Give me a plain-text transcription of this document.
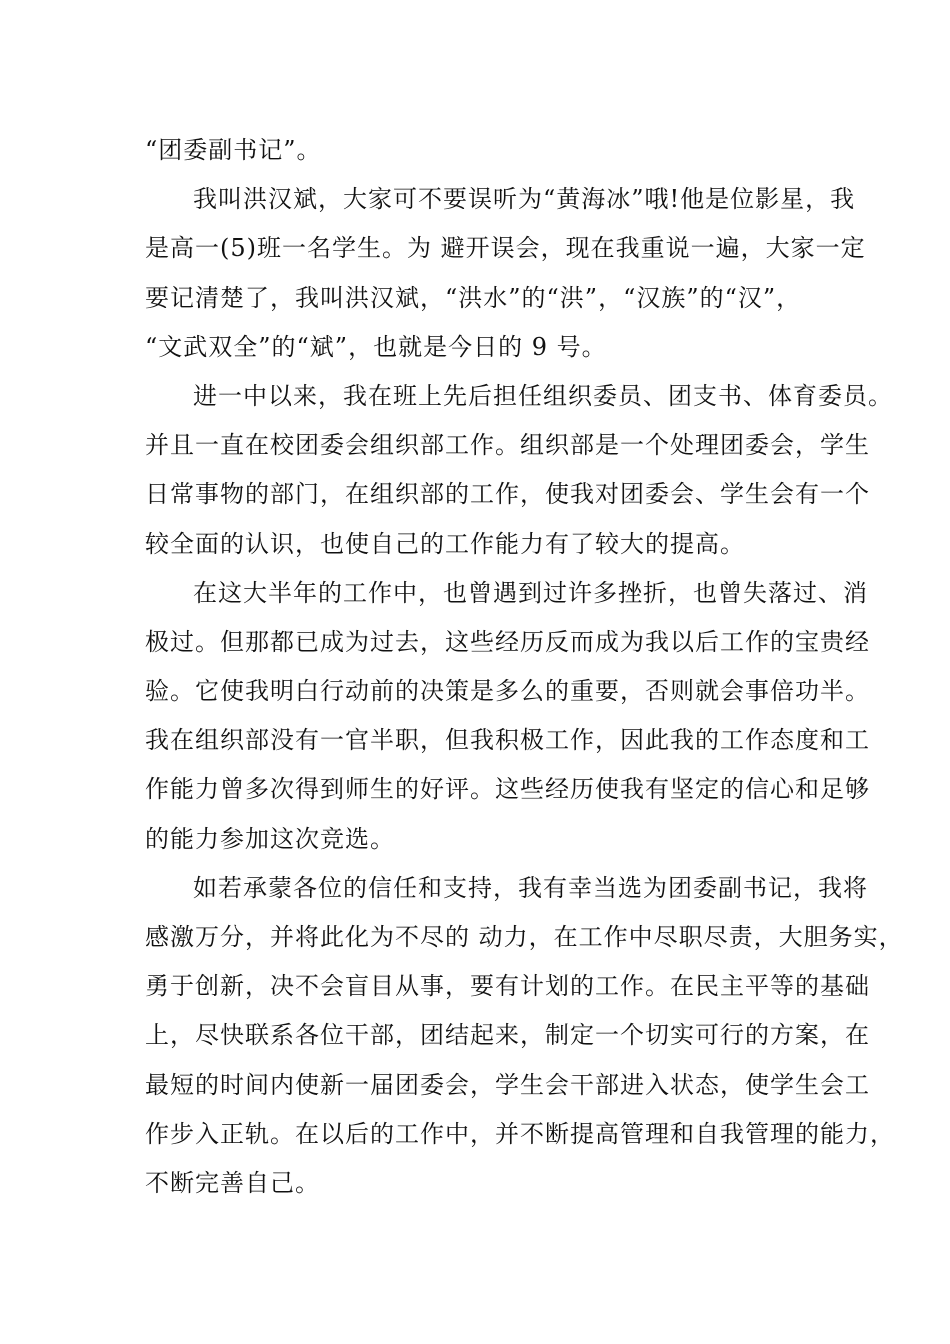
“团委副书记”。
我叫洪汉斌，大家可不要误听为“黄海冰”哦!他是位影星，我
是高一(5)班一名学生。为 避开误会，现在我重说一遍，大家一定
要记清楚了，我叫洪汉斌，“洪水”的“洪”，“汉族”的“汉”，
“文武双全”的“斌”，也就是今日的 9 号。
进一中以来，我在班上先后担任组织委员、团支书、体育委员。
并且一直在校团委会组织部工作。组织部是一个处理团委会，学生
日常事物的部门，在组织部的工作，使我对团委会、学生会有一个
较全面的认识，也使自己的工作能力有了较大的提高。
在这大半年的工作中，也曾遇到过许多挫折，也曾失落过、消
极过。但那都已成为过去，这些经历反而成为我以后工作的宝贵经
验。它使我明白行动前的决策是多么的重要，否则就会事倍功半。
我在组织部没有一官半职，但我积极工作，因此我的工作态度和工
作能力曾多次得到师生的好评。这些经历使我有坚定的信心和足够
的能力参加这次竞选。
如若承蒙各位的信任和支持，我有幸当选为团委副书记，我将
感激万分，并将此化为不尽的 动力，在工作中尽职尽责，大胆务实，
勇于创新，决不会盲目从事，要有计划的工作。在民主平等的基础
上，尽快联系各位干部，团结起来，制定一个切实可行的方案，在
最短的时间内使新一届团委会，学生会干部进入状态，使学生会工
作步入正轨。在以后的工作中，并不断提高管理和自我管理的能力，
不断完善自己。
